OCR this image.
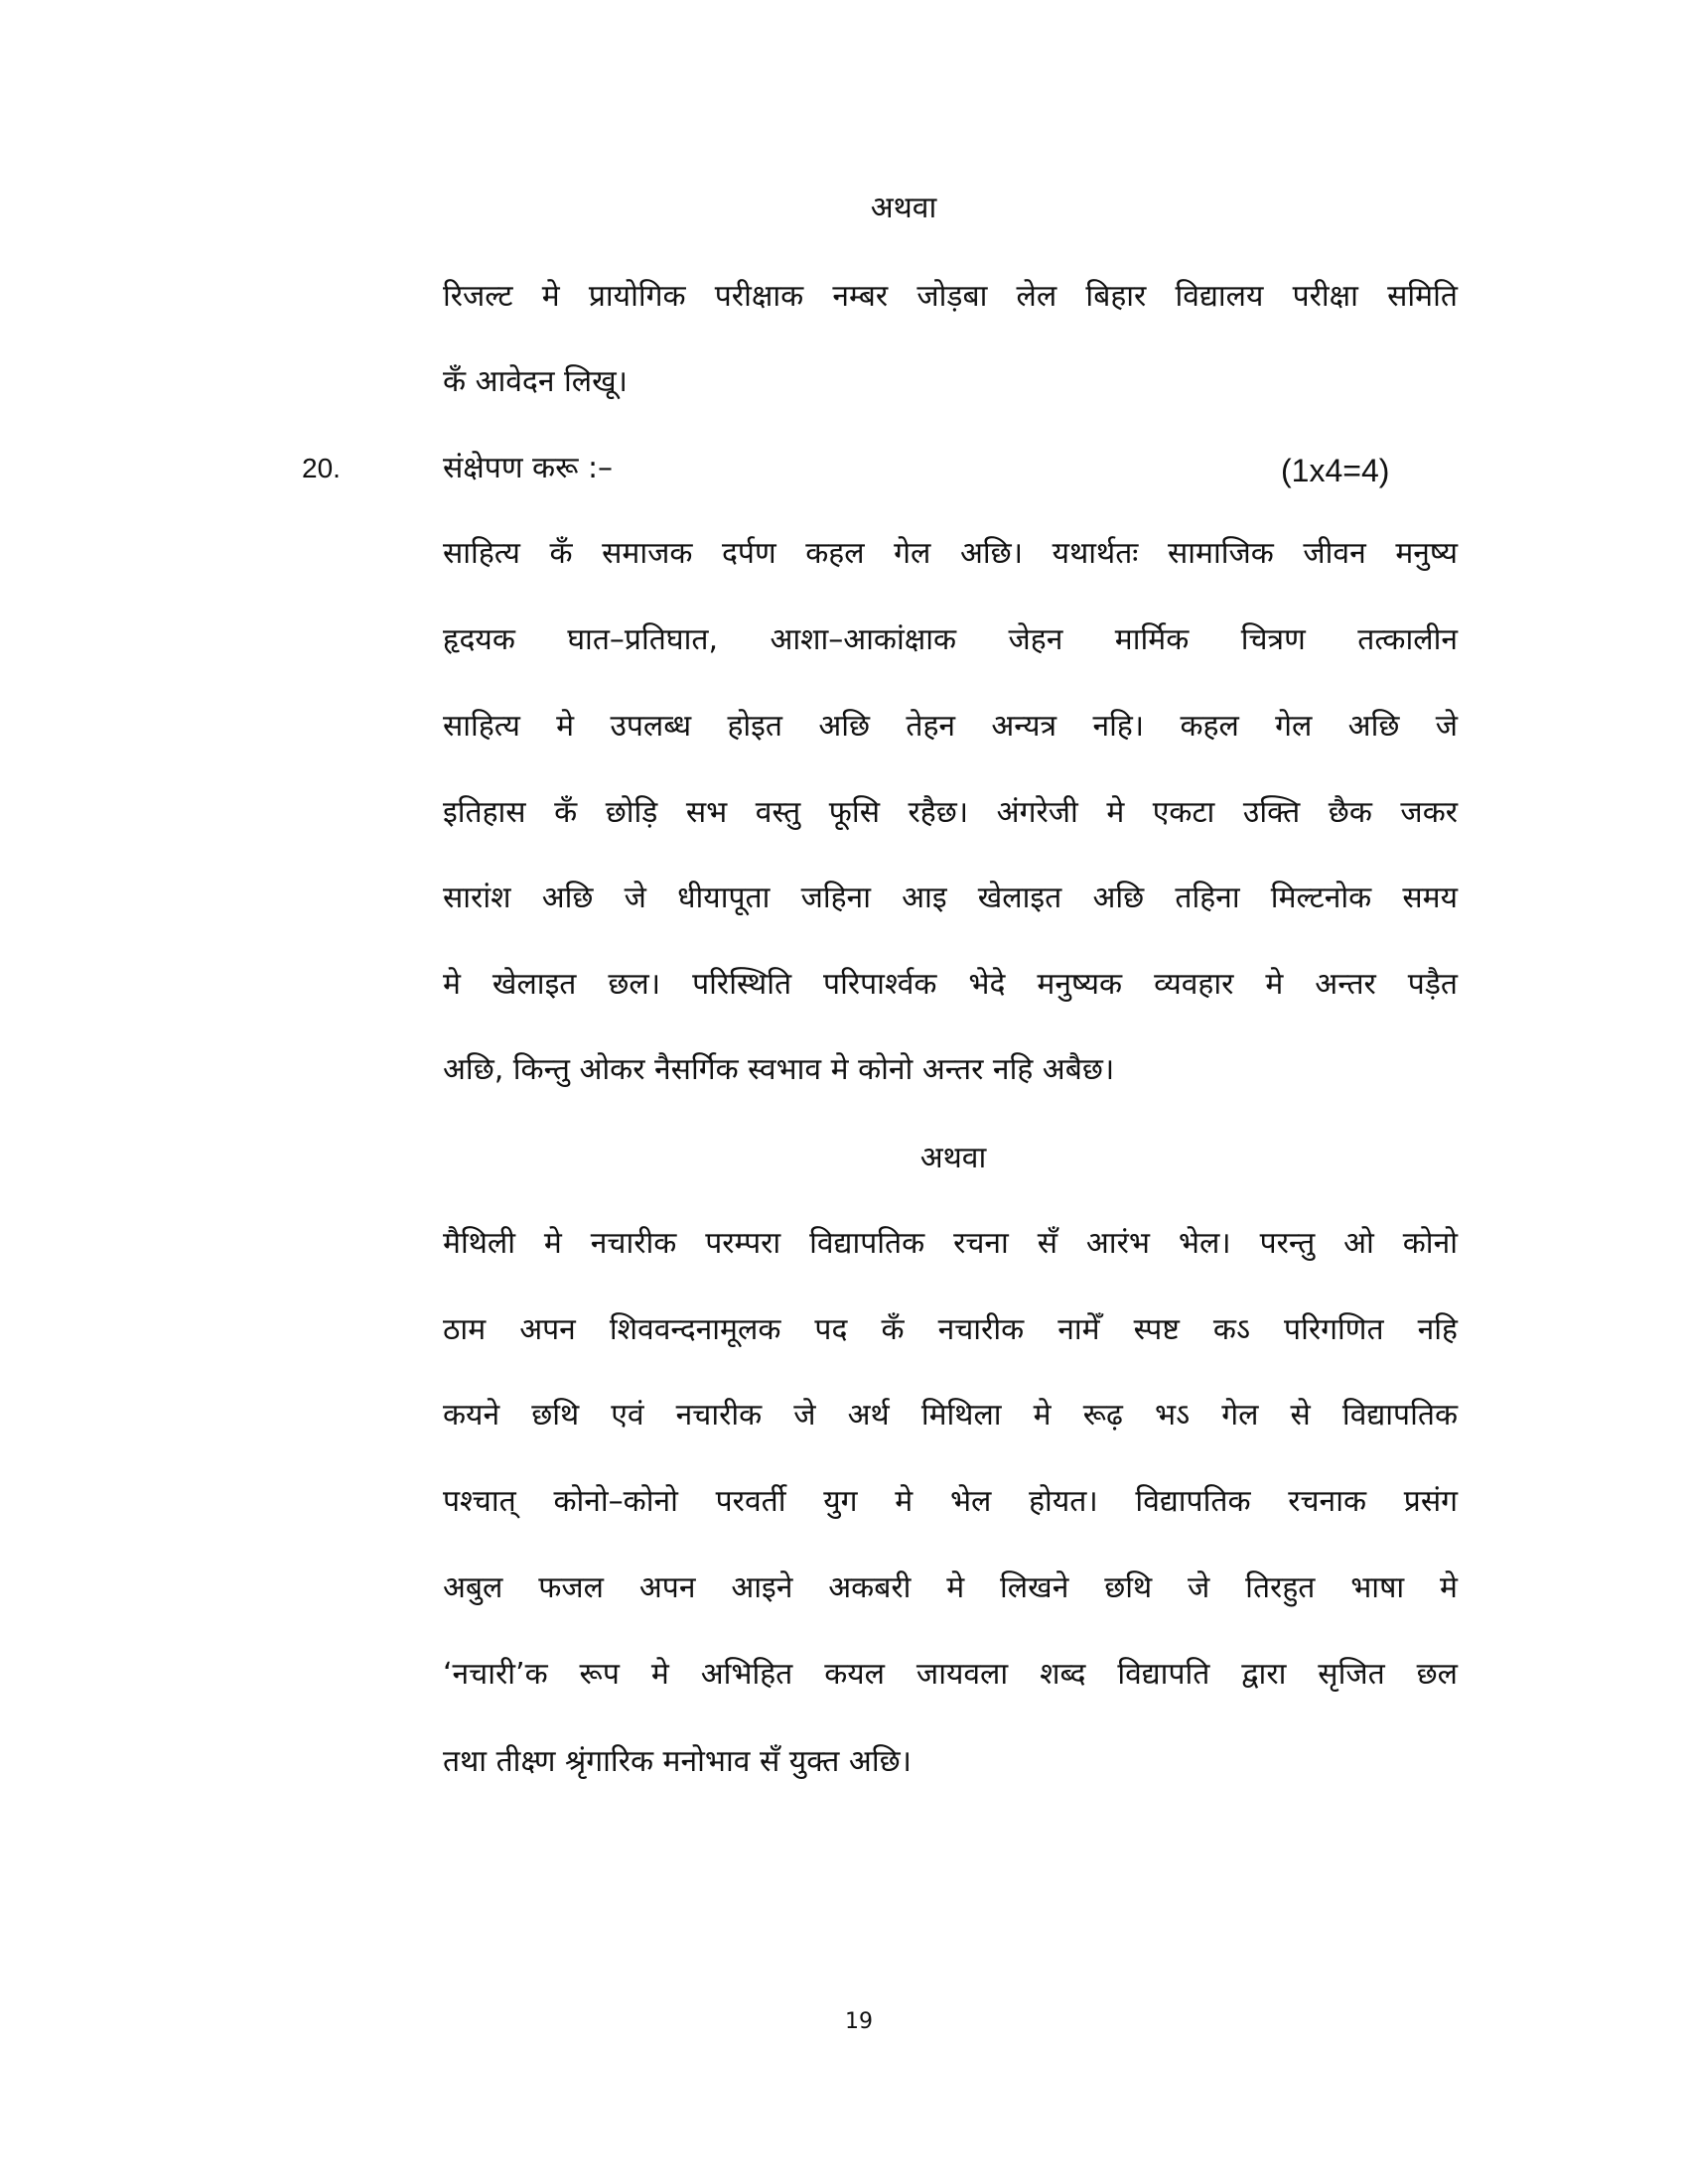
अथवा
रिजल्ट मे प्रायोगिक परीक्षाक नम्बर जोड़बा लेल बिहार विद्यालय परीक्षा समिति
कँ आवेदन लिखू।
20.	संक्षेपण करू :–	(1x4=4)
साहित्य कँ समाजक दर्पण कहल गेल अछि। यथार्थतः सामाजिक जीवन मनुष्य
हृदयक घात–प्रतिघात, आशा–आकांक्षाक जेहन मार्मिक चित्रण तत्कालीन
साहित्य मे उपलब्ध होइत अछि तेहन अन्यत्र नहि। कहल गेल अछि जे
इतिहास कँ छोड़ि सभ वस्तु फूसि रहैछ। अंगरेजी मे एकटा उक्ति छैक जकर
सारांश अछि जे धीयापूता जहिना आइ खेलाइत अछि तहिना मिल्टनोक समय
मे खेलाइत छल। परिस्थिति परिपार्श्वक भेदे मनुष्यक व्यवहार मे अन्तर पड़ैत
अछि, किन्तु ओकर नैसर्गिक स्वभाव मे कोनो अन्तर नहि अबैछ।
अथवा
मैथिली मे नचारीक परम्परा विद्यापतिक रचना सँ आरंभ भेल। परन्तु ओ कोनो
ठाम अपन शिववन्दनामूलक पद कँ नचारीक नामेँ स्पष्ट कऽ परिगणित नहि
कयने छथि एवं नचारीक जे अर्थ मिथिला मे रूढ़ भऽ गेल से विद्यापतिक
पश्चात् कोनो–कोनो परवर्ती युग मे भेल होयत। विद्यापतिक रचनाक प्रसंग
अबुल फजल अपन आइने अकबरी मे लिखने छथि जे तिरहुत भाषा मे
‘नचारी’क रूप मे अभिहित कयल जायवला शब्द विद्यापति द्वारा सृजित छल
तथा तीक्ष्ण श्रृंगारिक मनोभाव सँ युक्त अछि।
19
